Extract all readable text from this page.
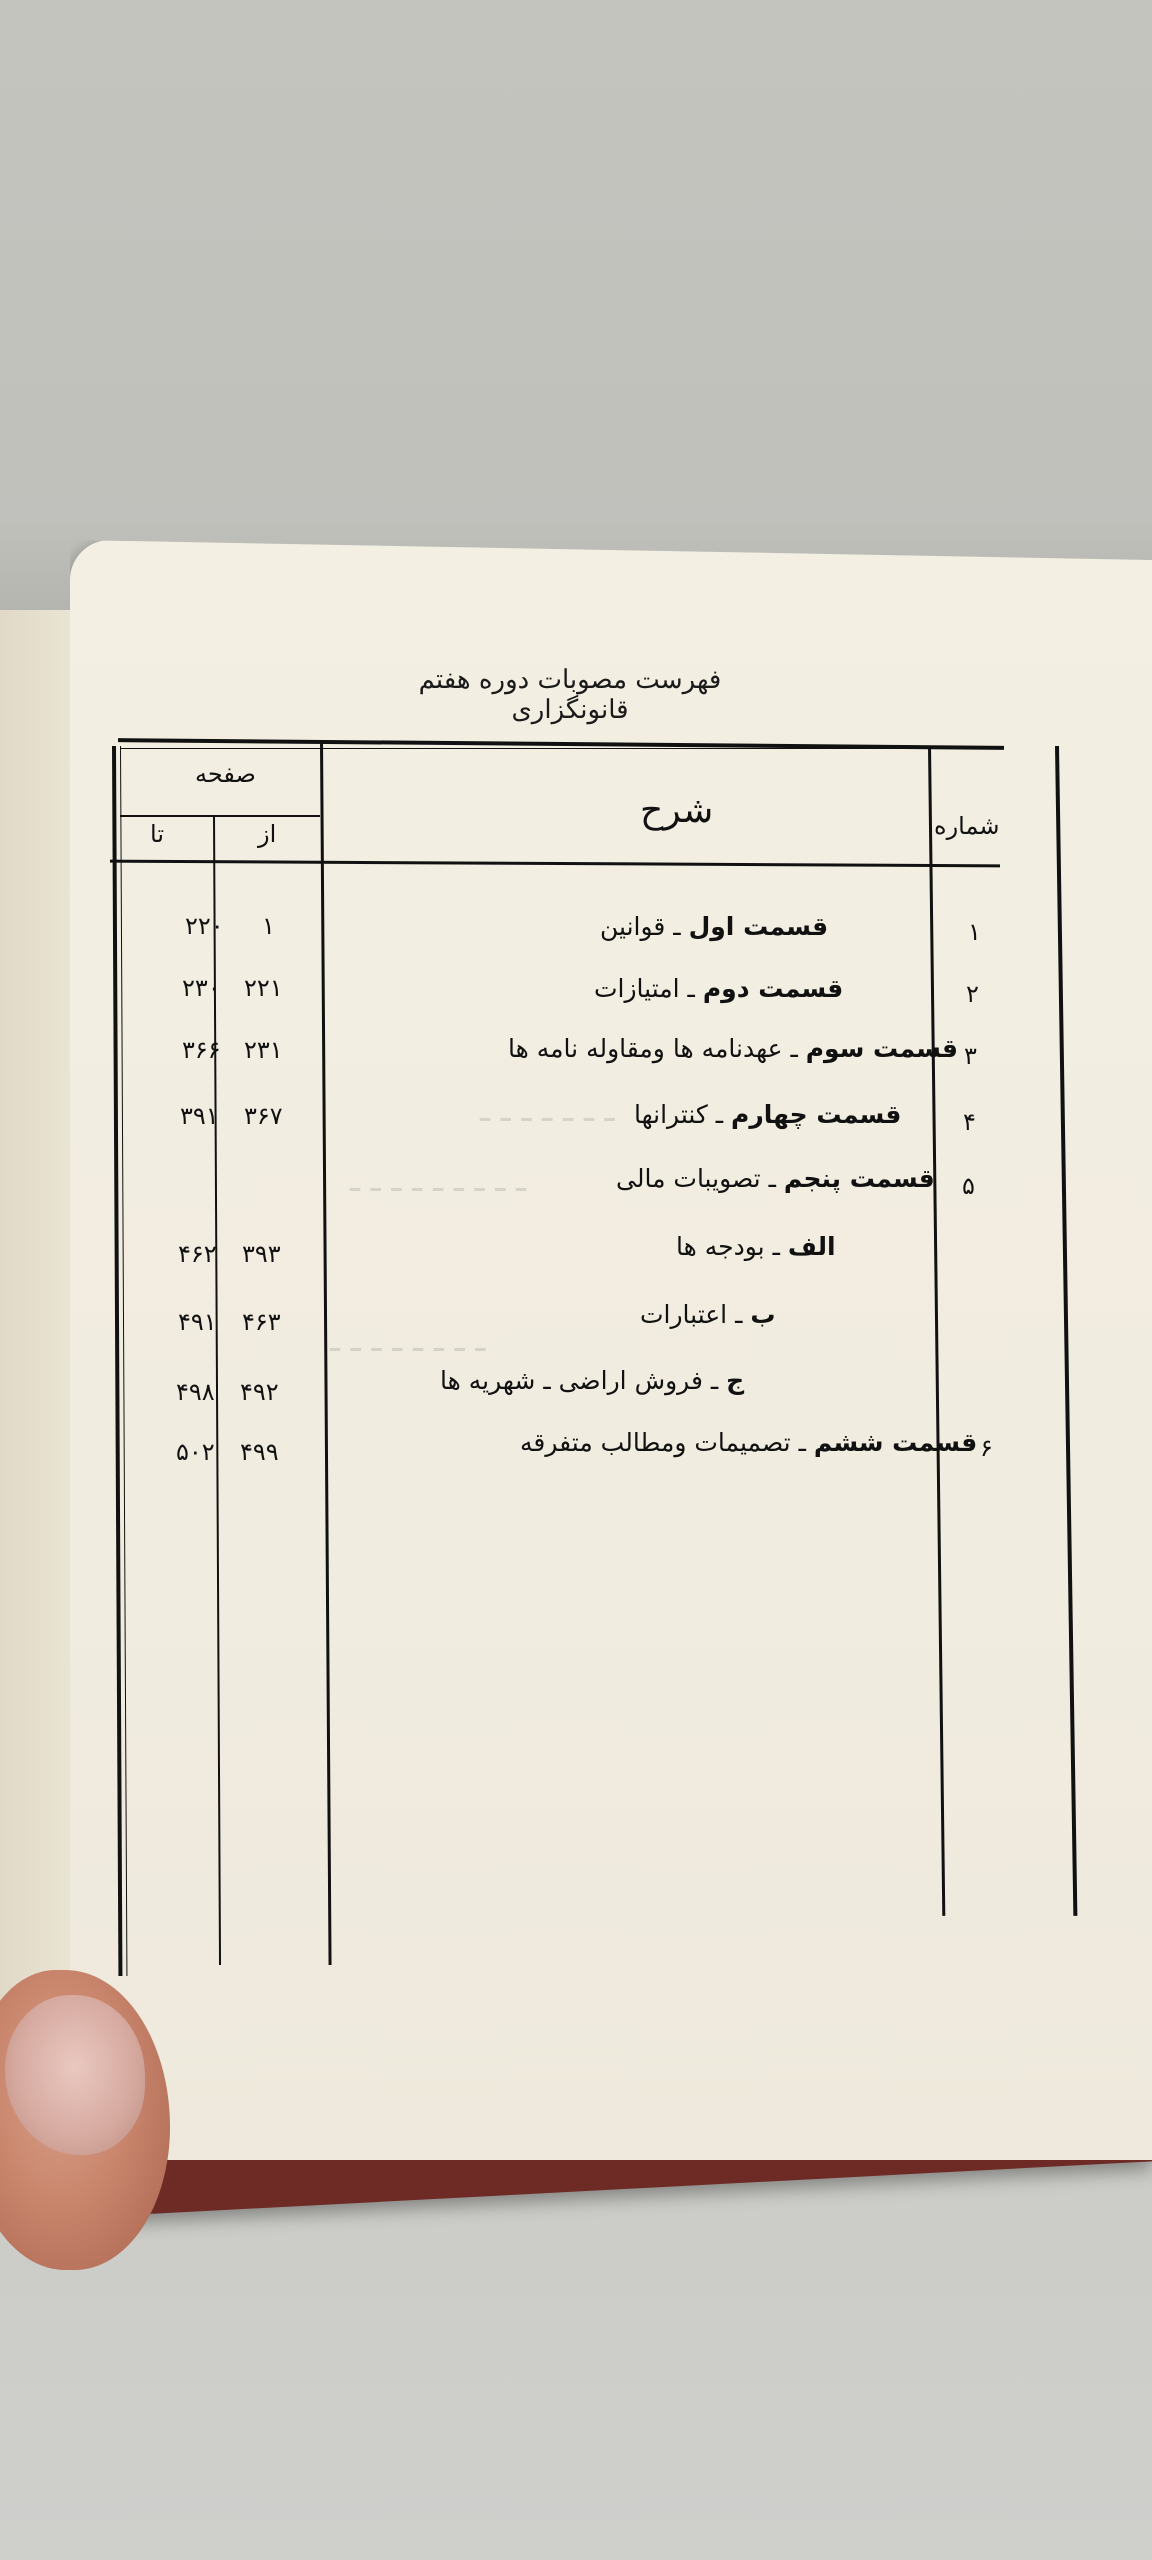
ـ ـ ـ ـ ـ ـ ـ
ـ ـ ـ ـ ـ ـ ـ ـ ـ
ـ ـ ـ ـ ـ ـ ـ ـ
فهرست مصوبات دوره هفتم قانونگزاری
شماره
شرح
صفحه
از
تا
۱
قسمت اول ـ قوانین
۱
۲۲۰
۲
قسمت دوم ـ امتیازات
۲۲۱
۲۳۰
۳
قسمت سوم ـ عهدنامه ها ومقاوله نامه ها
۲۳۱
۳۶۶
۴
قسمت چهارم ـ کنترانها
۳۶۷
۳۹۱
۵
قسمت پنجم ـ تصویبات مالی
الف ـ بودجه ها
۳۹۳
۴۶۲
ب ـ اعتبارات
۴۶۳
۴۹۱
ج ـ فروش اراضی ـ شهریه ها
۴۹۲
۴۹۸
۶
قسمت ششم ـ تصمیمات ومطالب متفرقه
۴۹۹
۵۰۲
